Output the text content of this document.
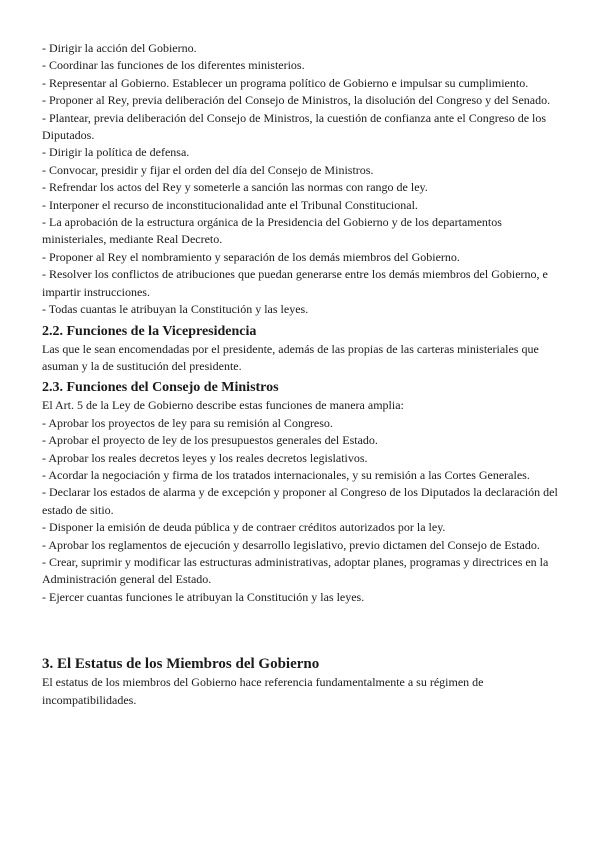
- Dirigir la acción del Gobierno.

- Coordinar las funciones de los diferentes ministerios.

- Representar al Gobierno. Establecer un programa político de Gobierno e impulsar su cumplimiento.

- Proponer al Rey, previa deliberación del Consejo de Ministros, la disolución del Congreso y del Senado.

- Plantear, previa deliberación del Consejo de Ministros, la cuestión de confianza ante el Congreso de los Diputados.

- Dirigir la política de defensa.

- Convocar, presidir y fijar el orden del día del Consejo de Ministros.

- Refrendar los actos del Rey y someterle a sanción las normas con rango de ley.

- Interponer el recurso de inconstitucionalidad ante el Tribunal Constitucional.

- La aprobación de la estructura orgánica de la Presidencia del Gobierno y de los departamentos ministeriales, mediante Real Decreto.

- Proponer al Rey el nombramiento y separación de los demás miembros del Gobierno.

- Resolver los conflictos de atribuciones que puedan generarse entre los demás miembros del Gobierno, e impartir instrucciones.

- Todas cuantas le atribuyan la Constitución y las leyes.

2.2. Funciones de la Vicepresidencia

Las que le sean encomendadas por el presidente, además de las propias de las carteras ministeriales que asuman y la de sustitución del presidente.

2.3. Funciones del Consejo de Ministros

El Art. 5 de la Ley de Gobierno describe estas funciones de manera amplia:

- Aprobar los proyectos de ley para su remisión al Congreso.

- Aprobar el proyecto de ley de los presupuestos generales del Estado.

- Aprobar los reales decretos leyes y los reales decretos legislativos.

- Acordar la negociación y firma de los tratados internacionales, y su remisión a las Cortes Generales.

- Declarar los estados de alarma y de excepción y proponer al Congreso de los Diputados la declaración del estado de sitio.

- Disponer la emisión de deuda pública y de contraer créditos autorizados por la ley.

- Aprobar los reglamentos de ejecución y desarrollo legislativo, previo dictamen del Consejo de Estado.

- Crear, suprimir y modificar las estructuras administrativas, adoptar planes, programas y directrices en la Administración general del Estado.

- Ejercer cuantas funciones le atribuyan la Constitución y las leyes.

3. El Estatus de los Miembros del Gobierno

El estatus de los miembros del Gobierno hace referencia fundamentalmente a su régimen de incompatibilidades.
